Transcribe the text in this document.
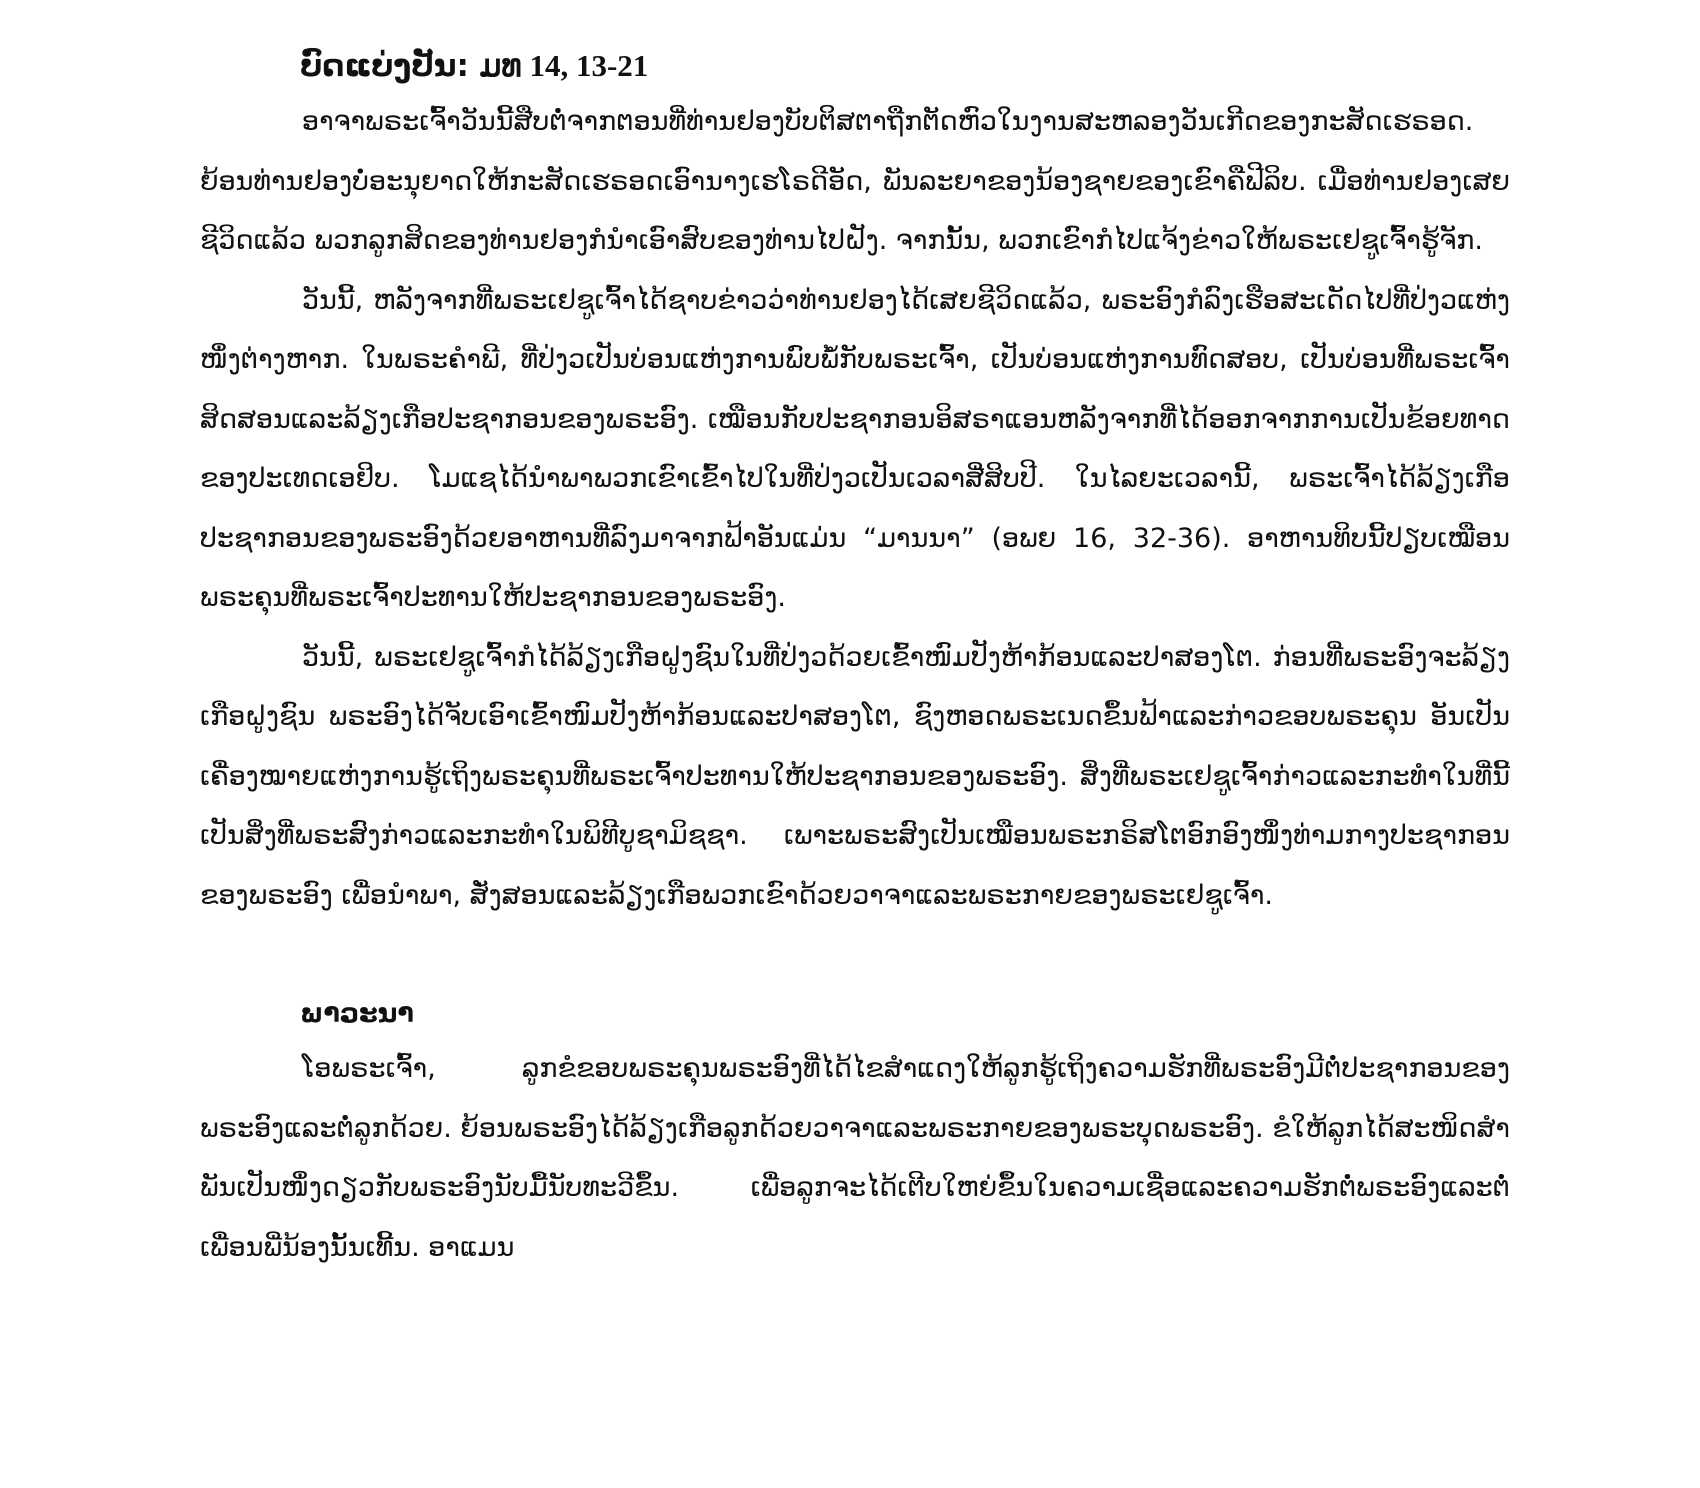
ບົດແບ່ງປັນ: ມທ 14, 13-21

ອາຈາພຣະເຈົ້າວັນນີ້ສືບຕໍ່ຈາກຕອນທີ່ທ່ານຢອງບັບຕິສຕາຖືກຕັດຫົວໃນງານສະຫລອງວັນເກີດຂອງກະສັດເຮຣອດ. ຍ້ອນທ່ານຢອງບໍ່ອະນຸຍາດໃຫ້ກະສັດເຮຣອດເອົານາງເຮໂຣດີອັດ, ພັນລະຍາຂອງນ້ອງຊາຍຂອງເຂົາຄືຟີລິບ. ເມື່ອທ່ານຢອງເສຍຊີວິດແລ້ວ ພວກລູກສິດຂອງທ່ານຢອງກໍນໍາເອົາສົບຂອງທ່ານໄປຝັງ. ຈາກນັ້ນ, ພວກເຂົາກໍໄປແຈ້ງຂ່າວໃຫ້ພຣະເຢຊູເຈົ້າຮູ້ຈັກ.

ວັນນີ້, ຫລັງຈາກທີ່ພຣະເຢຊູເຈົ້າໄດ້ຊາບຂ່າວວ່າທ່ານຢອງໄດ້ເສຍຊີວິດແລ້ວ, ພຣະອົງກໍລົງເຮືອສະເດັດໄປທີ່ປ່ງວແຫ່ງໜຶ່ງຕ່າງຫາກ. ໃນພຣະຄໍາພີ, ທີ່ປ່ງວເປັນບ່ອນແຫ່ງການພົບພໍ້ກັບພຣະເຈົ້າ, ເປັນບ່ອນແຫ່ງການທົດສອບ, ເປັນບ່ອນທີ່ພຣະເຈົ້າສິດສອນແລະລ້ຽງເກືອປະຊາກອນຂອງພຣະອົງ. ເໝືອນກັບປະຊາກອນອິສຣາແອນຫລັງຈາກທີ່ໄດ້ອອກຈາກການເປັນຂ້ອຍທາດຂອງປະເທດເອຢິບ. ໂມແຊໄດ້ນໍາພາພວກເຂົາເຂົ້າໄປໃນທີ່ປ່ງວເປັນເວລາສີ່ສິບປີ. ໃນໄລຍະເວລານີ້, ພຣະເຈົ້າໄດ້ລ້ຽງເກືອປະຊາກອນຂອງພຣະອົງດ້ວຍອາຫານທີ່ລົງມາຈາກຟ້າອັນແມ່ນ “ມານນາ” (ອພຍ 16, 32-36). ອາຫານທິບນີ້ປຽບເໝືອນພຣະຄຸນທີ່ພຣະເຈົ້າປະທານໃຫ້ປະຊາກອນຂອງພຣະອົງ.

ວັນນີ້, ພຣະເຢຊູເຈົ້າກໍໄດ້ລ້ຽງເກືອຝູງຊົນໃນທີ່ປ່ງວດ້ວຍເຂົ້າໜົມປັງຫ້າກ້ອນແລະປາສອງໂຕ. ກ່ອນທີ່ພຣະອົງຈະລ້ຽງເກືອຝູງຊົນ ພຣະອົງໄດ້ຈັບເອົາເຂົ້າໜົມປັງຫ້າກ້ອນແລະປາສອງໂຕ, ຊົງຫອດພຣະເນດຂຶ້ນຟ້າແລະກ່າວຂອບພຣະຄຸນ ອັນເປັນເຄື່ອງໝາຍແຫ່ງການຮູ້ເຖິງພຣະຄຸນທີ່ພຣະເຈົ້າປະທານໃຫ້ປະຊາກອນຂອງພຣະອົງ. ສິ່ງທີ່ພຣະເຢຊູເຈົ້າກ່າວແລະກະທໍາໃນທີ່ນີ້ ເປັນສິ່ງທີ່ພຣະສົງກ່າວແລະກະທໍາໃນພິທີບູຊາມິຊຊາ. ເພາະພຣະສົງເປັນເໝືອນພຣະກຣິສໂຕອົກອົງໜຶ່ງທ່າມກາງປະຊາກອນຂອງພຣະອົງ ເພື່ອນໍາພາ, ສັ່ງສອນແລະລ້ຽງເກືອພວກເຂົາດ້ວຍວາຈາແລະພຣະກາຍຂອງພຣະເຢຊູເຈົ້າ.

ພາວະນາ

ໂອພຣະເຈົ້າ, ລູກຂໍຂອບພຣະຄຸນພຣະອົງທີ່ໄດ້ໄຂສໍາແດງໃຫ້ລູກຮູ້ເຖິງຄວາມຮັກທີ່ພຣະອົງມີຕໍ່ປະຊາກອນຂອງພຣະອົງແລະຕໍ່ລູກດ້ວຍ. ຍ້ອນພຣະອົງໄດ້ລ້ຽງເກືອລູກດ້ວຍວາຈາແລະພຣະກາຍຂອງພຣະບຸດພຣະອົງ. ຂໍໃຫ້ລູກໄດ້ສະໜິດສໍາພັນເປັນໜຶ່ງດຽວກັບພຣະອົງນັບມື້ນັບທະວີຂຶ້ນ. ເພື່ອລູກຈະໄດ້ເຕີບໃຫຍ່ຂຶ້ນໃນຄວາມເຊື່ອແລະຄວາມຮັກຕໍ່ພຣະອົງແລະຕໍ່ເພື່ອນພີ່ນ້ອງນັ້ນເທີ້ນ. ອາແມນ
